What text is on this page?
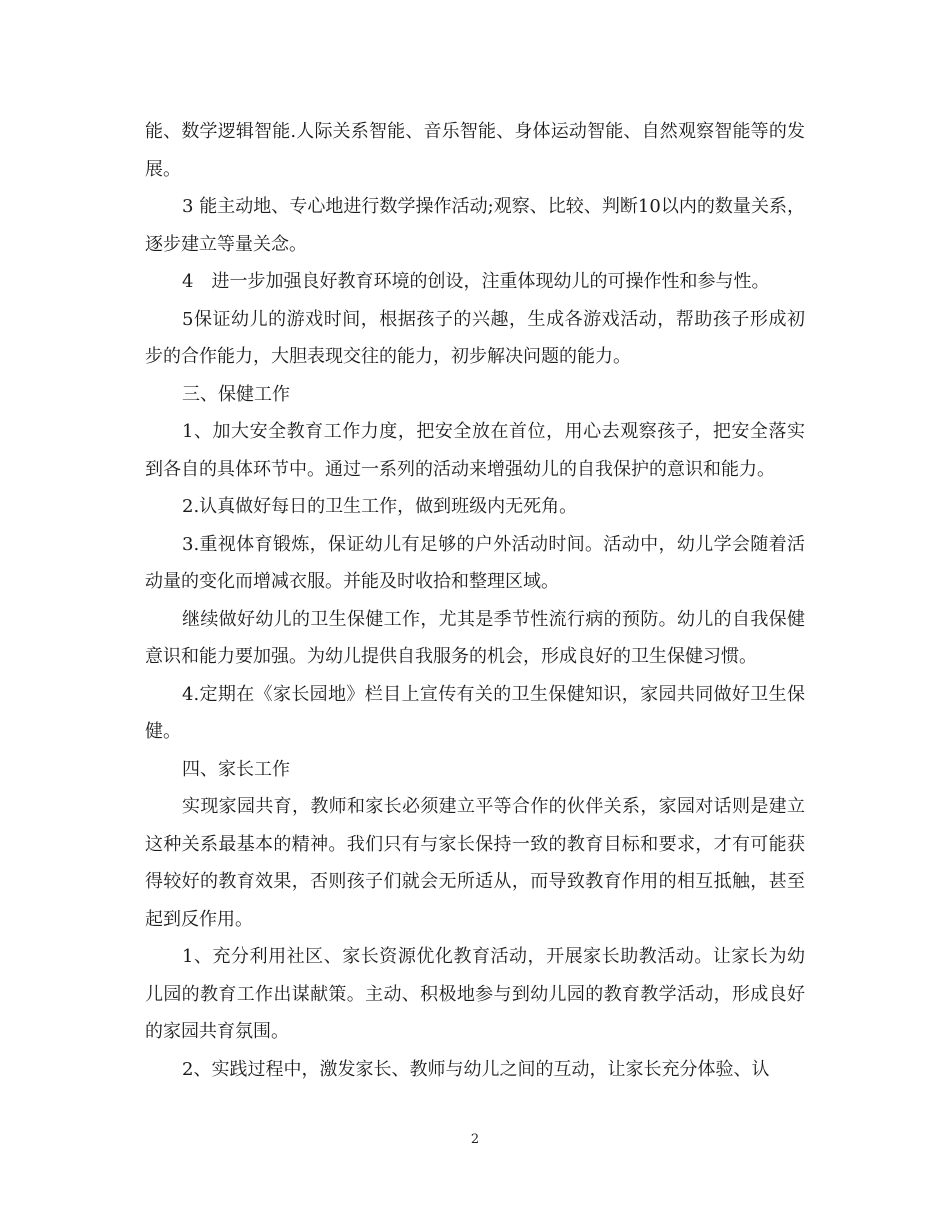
能、数学逻辑智能.人际关系智能、音乐智能、身体运动智能、自然观察智能等的发展。

3 能主动地、专心地进行数学操作活动;观察、比较、判断10以内的数量关系，逐步建立等量关念。

4　进一步加强良好教育环境的创设，注重体现幼儿的可操作性和参与性。

5保证幼儿的游戏时间，根据孩子的兴趣，生成各游戏活动，帮助孩子形成初步的合作能力，大胆表现交往的能力，初步解决问题的能力。

三、保健工作

1、加大安全教育工作力度，把安全放在首位，用心去观察孩子，把安全落实到各自的具体环节中。通过一系列的活动来增强幼儿的自我保护的意识和能力。

2.认真做好每日的卫生工作，做到班级内无死角。

3.重视体育锻炼，保证幼儿有足够的户外活动时间。活动中，幼儿学会随着活动量的变化而增减衣服。并能及时收拾和整理区域。

继续做好幼儿的卫生保健工作，尤其是季节性流行病的预防。幼儿的自我保健意识和能力要加强。为幼儿提供自我服务的机会，形成良好的卫生保健习惯。

4.定期在《家长园地》栏目上宣传有关的卫生保健知识，家园共同做好卫生保健。

四、家长工作

实现家园共育，教师和家长必须建立平等合作的伙伴关系，家园对话则是建立这种关系最基本的精神。我们只有与家长保持一致的教育目标和要求，才有可能获得较好的教育效果，否则孩子们就会无所适从，而导致教育作用的相互抵触，甚至起到反作用。

1、充分利用社区、家长资源优化教育活动，开展家长助教活动。让家长为幼儿园的教育工作出谋献策。主动、积极地参与到幼儿园的教育教学活动，形成良好的家园共育氛围。

2、实践过程中，激发家长、教师与幼儿之间的互动，让家长充分体验、认

2
